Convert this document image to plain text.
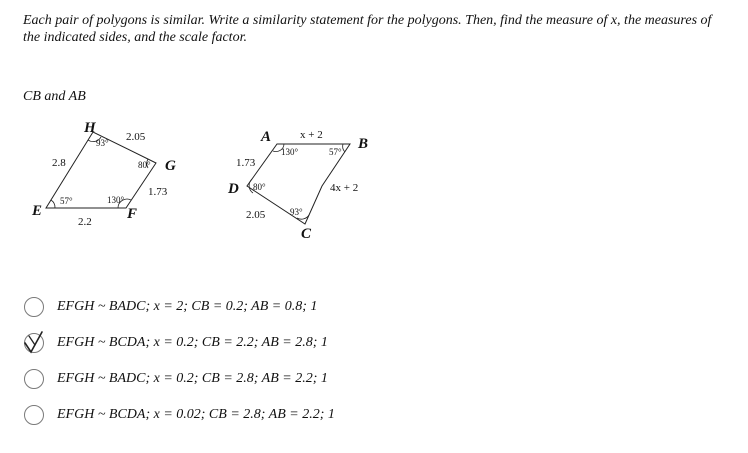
Each pair of polygons is similar. Write a similarity statement for the polygons. Then, find the measure of x, the measures of the indicated sides, and the scale factor.
CB and AB
H
G
F
E
2.05
2.8
1.73
2.2
93°
80°
130°
57°
A	B
C
D
x + 2
1.73
4x + 2
2.05
130°	57°
80°
93°
EFGH ~ BADC; x = 2; CB = 0.2; AB = 0.8; 1
EFGH ~ BCDA; x = 0.2; CB = 2.2; AB = 2.8; 1
EFGH ~ BADC; x = 0.2; CB = 2.8; AB = 2.2; 1
EFGH ~ BCDA; x = 0.02; CB = 2.8; AB = 2.2; 1
